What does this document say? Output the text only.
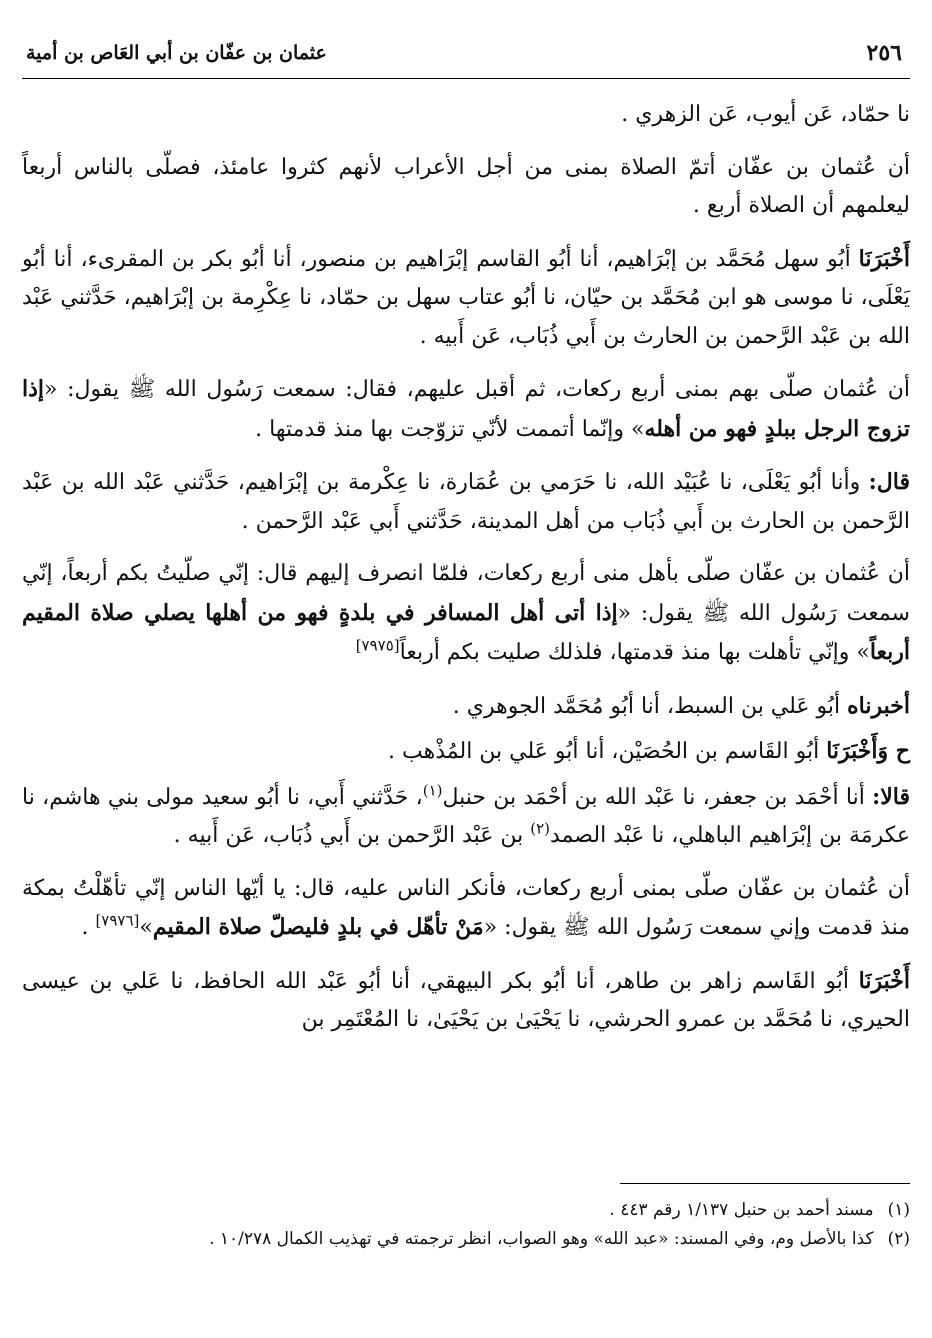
٢٥٦
عثمان بن عفّان بن أبي العَاص بن أمية

نا حمّاد، عَن أيوب، عَن الزهري .

أن عُثمان بن عفّان أتمّ الصلاة بمنى من أجل الأعراب لأنهم كثروا عامئذ، فصلّى بالناس أربعاً ليعلمهم أن الصلاة أربع .

أَخْبَرَنَا أبُو سهل مُحَمَّد بن إبْرَاهيم، أنا أبُو القاسم إبْرَاهيم بن منصور، أنا أبُو بكر بن المقرىء، أنا أبُو يَعْلَى، نا موسى هو ابن مُحَمَّد بن حيّان، نا أبُو عتاب سهل بن حمّاد، نا عِكْرِمة بن إبْرَاهيم، حَدَّثني عَبْد الله بن عَبْد الرَّحمن بن الحارث بن أَبي ذُبَاب، عَن أَبيه .

أن عُثمان صلّى بهم بمنى أربع ركعات، ثم أقبل عليهم، فقال: سمعت رَسُول الله ﷺ يقول: «إذا تزوج الرجل ببلدٍ فهو من أهله» وإنّما أتممت لأنّي تزوّجت بها منذ قدمتها .

قال: وأنا أبُو يَعْلَى، نا عُبَيْد الله، نا حَرَمي بن عُمَارة، نا عِكْرمة بن إبْرَاهيم، حَدَّثني عَبْد الله بن عَبْد الرَّحمن بن الحارث بن أَبي ذُبَاب من أهل المدينة، حَدَّثني أَبي عَبْد الرَّحمن .

أن عُثمان بن عفّان صلّى بأهل منى أربع ركعات، فلمّا انصرف إليهم قال: إنّي صلّيتُ بكم أربعاً، إنّي سمعت رَسُول الله ﷺ يقول: «إذا أتى أهل المسافر في بلدةٍ فهو من أهلها يصلي صلاة المقيم أربعاً» وإنّي تأهلت بها منذ قدمتها، فلذلك صليت بكم أربعاً[٧٩٧٥]

أخبرناه أبُو عَلي بن السبط، أنا أبُو مُحَمَّد الجوهري .

ح وَأَخْبَرَنَا أبُو القَاسم بن الحُصَيْن، أنا أبُو عَلي بن المُذْهب .

قالا: أنا أحْمَد بن جعفر، نا عَبْد الله بن أحْمَد بن حنبل$^{(١)}$، حَدَّثني أَبي، نا أبُو سعيد مولى بني هاشم، نا عكرمَة بن إبْرَاهيم الباهلي، نا عَبْد الصمد$^{(٢)}$ بن عَبْد الرَّحمن بن أَبي ذُبَاب، عَن أَبيه .

أن عُثمان بن عفّان صلّى بمنى أربع ركعات، فأنكر الناس عليه، قال: يا أيّها الناس إنّي تأهّلْتُ بمكة منذ قدمت وإني سمعت رَسُول الله ﷺ يقول: «مَنْ تأهّل في بلدٍ فليصلّ صلاة المقيم»[٧٩٧٦] .

أَخْبَرَنَا أبُو القَاسم زاهر بن طاهر، أنا أبُو بكر البيهقي، أنا أبُو عَبْد الله الحافظ، نا عَلي بن عيسى الحيري، نا مُحَمَّد بن عمرو الحرشي، نا يَحْيَىٰ بن يَحْيَىٰ، نا المُعْتَمِر بن

(١)مسند أحمد بن حنبل ١/١٣٧ رقم ٤٤٣ .

(٢)كذا بالأصل وم، وفي المسند: «عبد الله» وهو الصواب، انظر ترجمته في تهذيب الكمال ١٠/٢٧٨ .
